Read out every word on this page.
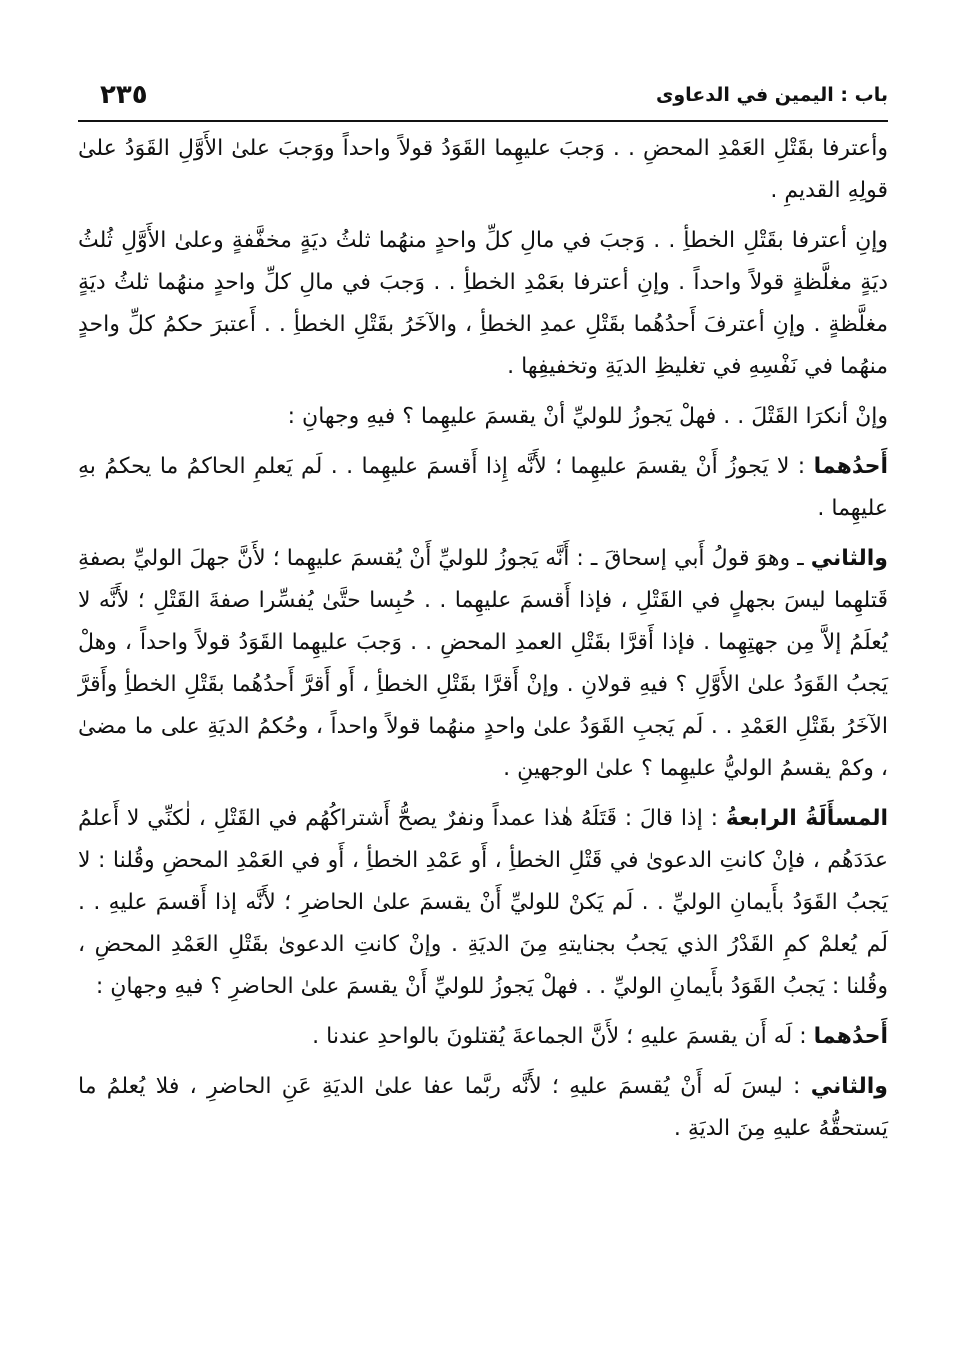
باب : اليمين في الدعاوى
٢٣٥

وأعترفا بقَتْلِ العَمْدِ المحضِ . . وَجبَ عليهِما القَوَدُ قولاً واحداً ووَجبَ علىٰ الأَوَّلِ القَوَدُ علىٰ قولِهِ القديمِ .

وإنِ أعترفا بقَتْلِ الخطأِ . . وَجبَ في مالِ كلِّ واحدٍ منهُما ثلثُ ديَةٍ مخفَّفةٍ وعلىٰ الأَوَّلِ ثُلثُ ديَةٍ مغلَّظةٍ قولاً واحداً . وإنِ أعترفا بعَمْدِ الخطأِ . . وَجبَ في مالِ كلِّ واحدٍ منهُما ثلثُ ديَةٍ مغلَّظةٍ . وإنِ أعترفَ أَحدُهُما بقَتْلِ عمدِ الخطأِ ، والآخَرُ بقَتْلِ الخطأِ . . أَعتبرَ حكمُ كلِّ واحدٍ منهُما في نَفْسِهِ في تغليظِ الديَةِ وتخفيفِها .

وإنْ أنكرَا القَتْلَ . . فهلْ يَجوزُ للوليِّ أنْ يقسمَ عليهِما ؟ فيهِ وجهانِ :

أَحدُهما : لا يَجوزُ أَنْ يقسمَ عليهِما ؛ لأَنَّه إِذا أَقسمَ عليهِما . . لَم يَعلمِ الحاكمُ ما يحكمُ بهِ عليهِما .

والثاني ـ وهوَ قولُ أَبي إسحاقَ ـ : أَنَّه يَجوزُ للوليِّ أَنْ يُقسمَ عليهِما ؛ لأَنَّ جهلَ الوليِّ بصفةِ قَتلهِما ليسَ بجهلٍ في القَتْلِ ، فإذا أَقسمَ عليهِما . . حُبِسا حتَّىٰ يُفسِّرا صفةَ القَتْلِ ؛ لأَنَّه لا يُعلَمُ إلاَّ مِن جهتِهِما . فإذا أَقرَّا بقَتْلِ العمدِ المحضِ . . وَجبَ عليهِما القَوَدُ قولاً واحداً ، وهلْ يَجبُ القَوَدُ علىٰ الأَوَّلِ ؟ فيهِ قولانِ . وإنْ أَقرَّا بقَتْلِ الخطأِ ، أَو أَقرَّ أَحدُهُما بقَتْلِ الخطأِ وأَقرَّ الآخَرُ بقَتْلِ العَمْدِ . . لَم يَجبِ القَوَدُ علىٰ واحدٍ منهُما قولاً واحداً ، وحُكمُ الديَةِ على ما مضىٰ ، وكمْ يقسمُ الوليُّ عليهِما ؟ علىٰ الوجهينِ .

المسأَلَةُ الرابعةُ : إذا قالَ : قَتَلَهُ هٰذا عمداً ونفرٌ يصحُّ أَشتراكُهُم في القَتْلِ ، لٰكنِّي لا أَعلمُ عدَدَهُم ، فإنْ كانتِ الدعوىٰ في قَتْلِ الخطأِ ، أَو عَمْدِ الخطأِ ، أَو في العَمْدِ المحضِ وقُلنا : لا يَجبُ القَوَدُ بأَيمانِ الوليِّ . . لَم يَكنْ للوليِّ أَنْ يقسمَ علىٰ الحاضرِ ؛ لأَنَّه إذا أَقسمَ عليهِ . . لَم يُعلمْ كمِ القَدْرُ الذي يَجبُ بجنايتهِ مِنَ الديَةِ . وإنْ كانتِ الدعوىٰ بقَتْلِ العَمْدِ المحضِ ، وقُلنا : يَجبُ القَوَدُ بأَيمانِ الوليِّ . . فهلْ يَجوزُ للوليِّ أَنْ يقسمَ علىٰ الحاضرِ ؟ فيهِ وجهانِ :

أَحدُهما : لَه أَن يقسمَ عليهِ ؛ لأَنَّ الجماعةَ يُقتلونَ بالواحدِ عندنا .

والثاني : ليسَ لَه أَنْ يُقسمَ عليهِ ؛ لأَنَّه ربَّما عفا علىٰ الديَةِ عَنِ الحاضرِ ، فلا يُعلمُ ما يَستحقُّهُ عليهِ مِنَ الديَةِ .
